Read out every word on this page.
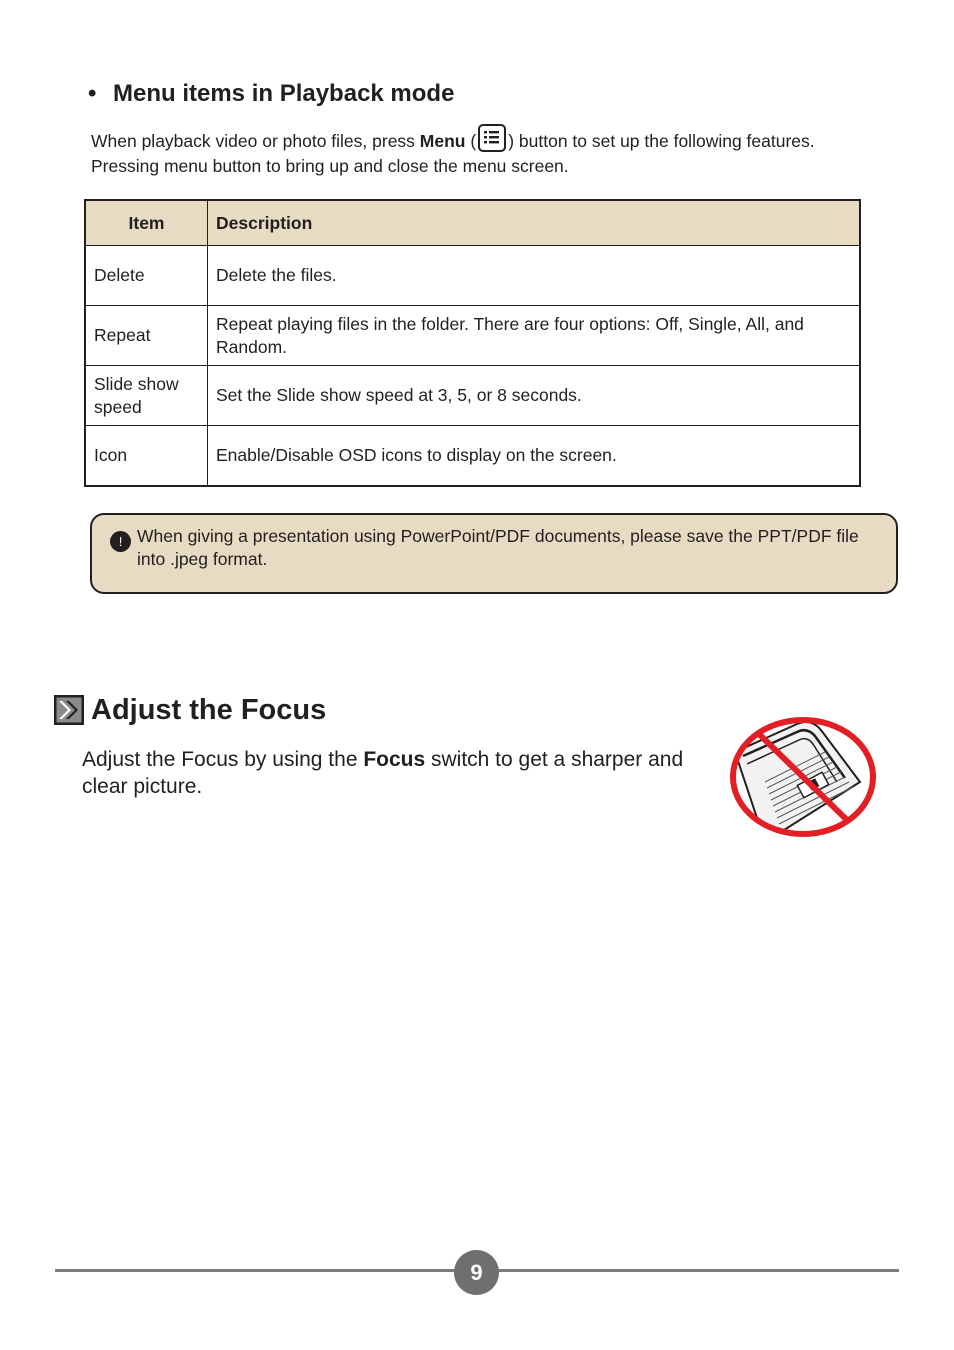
• Menu items in Playback mode

When playback video or photo files, press Menu ( ) button to set up the following features.
Pressing menu button to bring up and close the menu screen.

Item	Description
Delete	Delete the files.
Repeat	Repeat playing files in the folder. There are four options: Off, Single, All, and Random.
Slide show speed	Set the Slide show speed at 3, 5, or 8 seconds.
Icon	Enable/Disable OSD icons to display on the screen.
! When giving a presentation using PowerPoint/PDF documents, please save the PPT/PDF file into .jpeg format.

Adjust the Focus

Adjust the Focus by using the Focus switch to get a sharper and clear picture.

9
